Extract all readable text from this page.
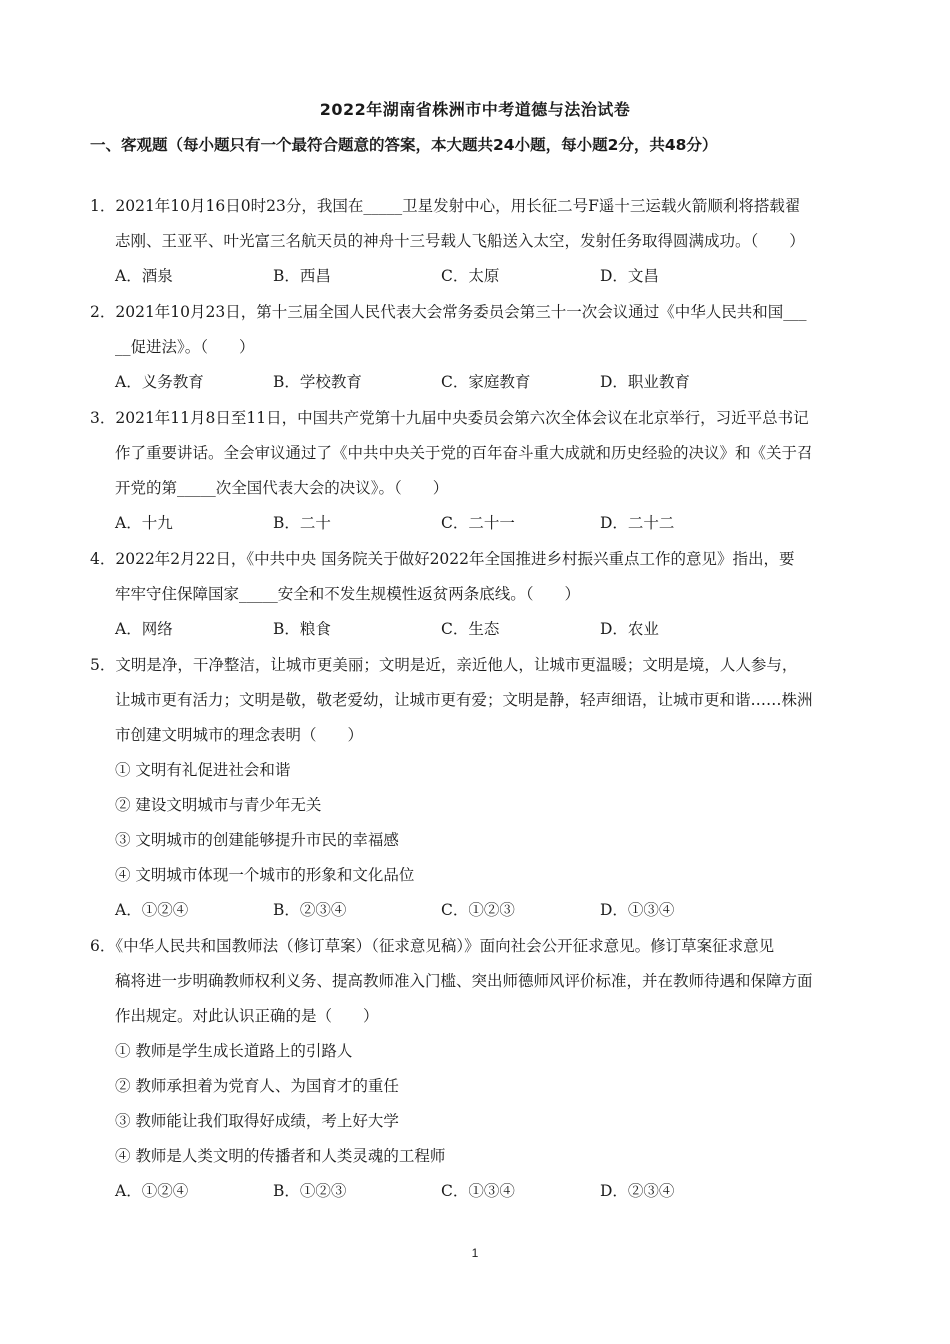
2022年湖南省株洲市中考道德与法治试卷
一、客观题（每小题只有一个最符合题意的答案，本大题共24小题，每小题2分，共48分）
1．2021年10月16日0时23分，我国在_____卫星发射中心，用长征二号F遥十三运载火箭顺利将搭载翟
志刚、王亚平、叶光富三名航天员的神舟十三号载人飞船送入太空，发射任务取得圆满成功。（　　）
A．酒泉	B．西昌	C．太原	D．文昌
2．2021年10月23日，第十三届全国人民代表大会常务委员会第三十一次会议通过《中华人民共和国___
__促进法》。（　　）
A．义务教育	B．学校教育	C．家庭教育	D．职业教育
3．2021年11月8日至11日，中国共产党第十九届中央委员会第六次全体会议在北京举行，习近平总书记
作了重要讲话。全会审议通过了《中共中央关于党的百年奋斗重大成就和历史经验的决议》和《关于召
开党的第_____次全国代表大会的决议》。（　　）
A．十九	B．二十	C．二十一	D．二十二
4．2022年2月22日，《中共中央 国务院关于做好2022年全国推进乡村振兴重点工作的意见》指出，要
牢牢守住保障国家_____安全和不发生规模性返贫两条底线。（　　）
A．网络	B．粮食	C．生态	D．农业
5．文明是净，干净整洁，让城市更美丽；文明是近，亲近他人，让城市更温暖；文明是境，人人参与，
让城市更有活力；文明是敬，敬老爱幼，让城市更有爱；文明是静，轻声细语，让城市更和谐……株洲
市创建文明城市的理念表明（　　）
① 文明有礼促进社会和谐
② 建设文明城市与青少年无关
③ 文明城市的创建能够提升市民的幸福感
④ 文明城市体现一个城市的形象和文化品位
A．①②④	B．②③④	C．①②③	D．①③④
6．《中华人民共和国教师法（修订草案）（征求意见稿）》面向社会公开征求意见。修订草案征求意见
稿将进一步明确教师权利义务、提高教师准入门槛、突出师德师风评价标准，并在教师待遇和保障方面
作出规定。对此认识正确的是（　　）
① 教师是学生成长道路上的引路人
② 教师承担着为党育人、为国育才的重任
③ 教师能让我们取得好成绩，考上好大学
④ 教师是人类文明的传播者和人类灵魂的工程师
A．①②④	B．①②③	C．①③④	D．②③④
1
